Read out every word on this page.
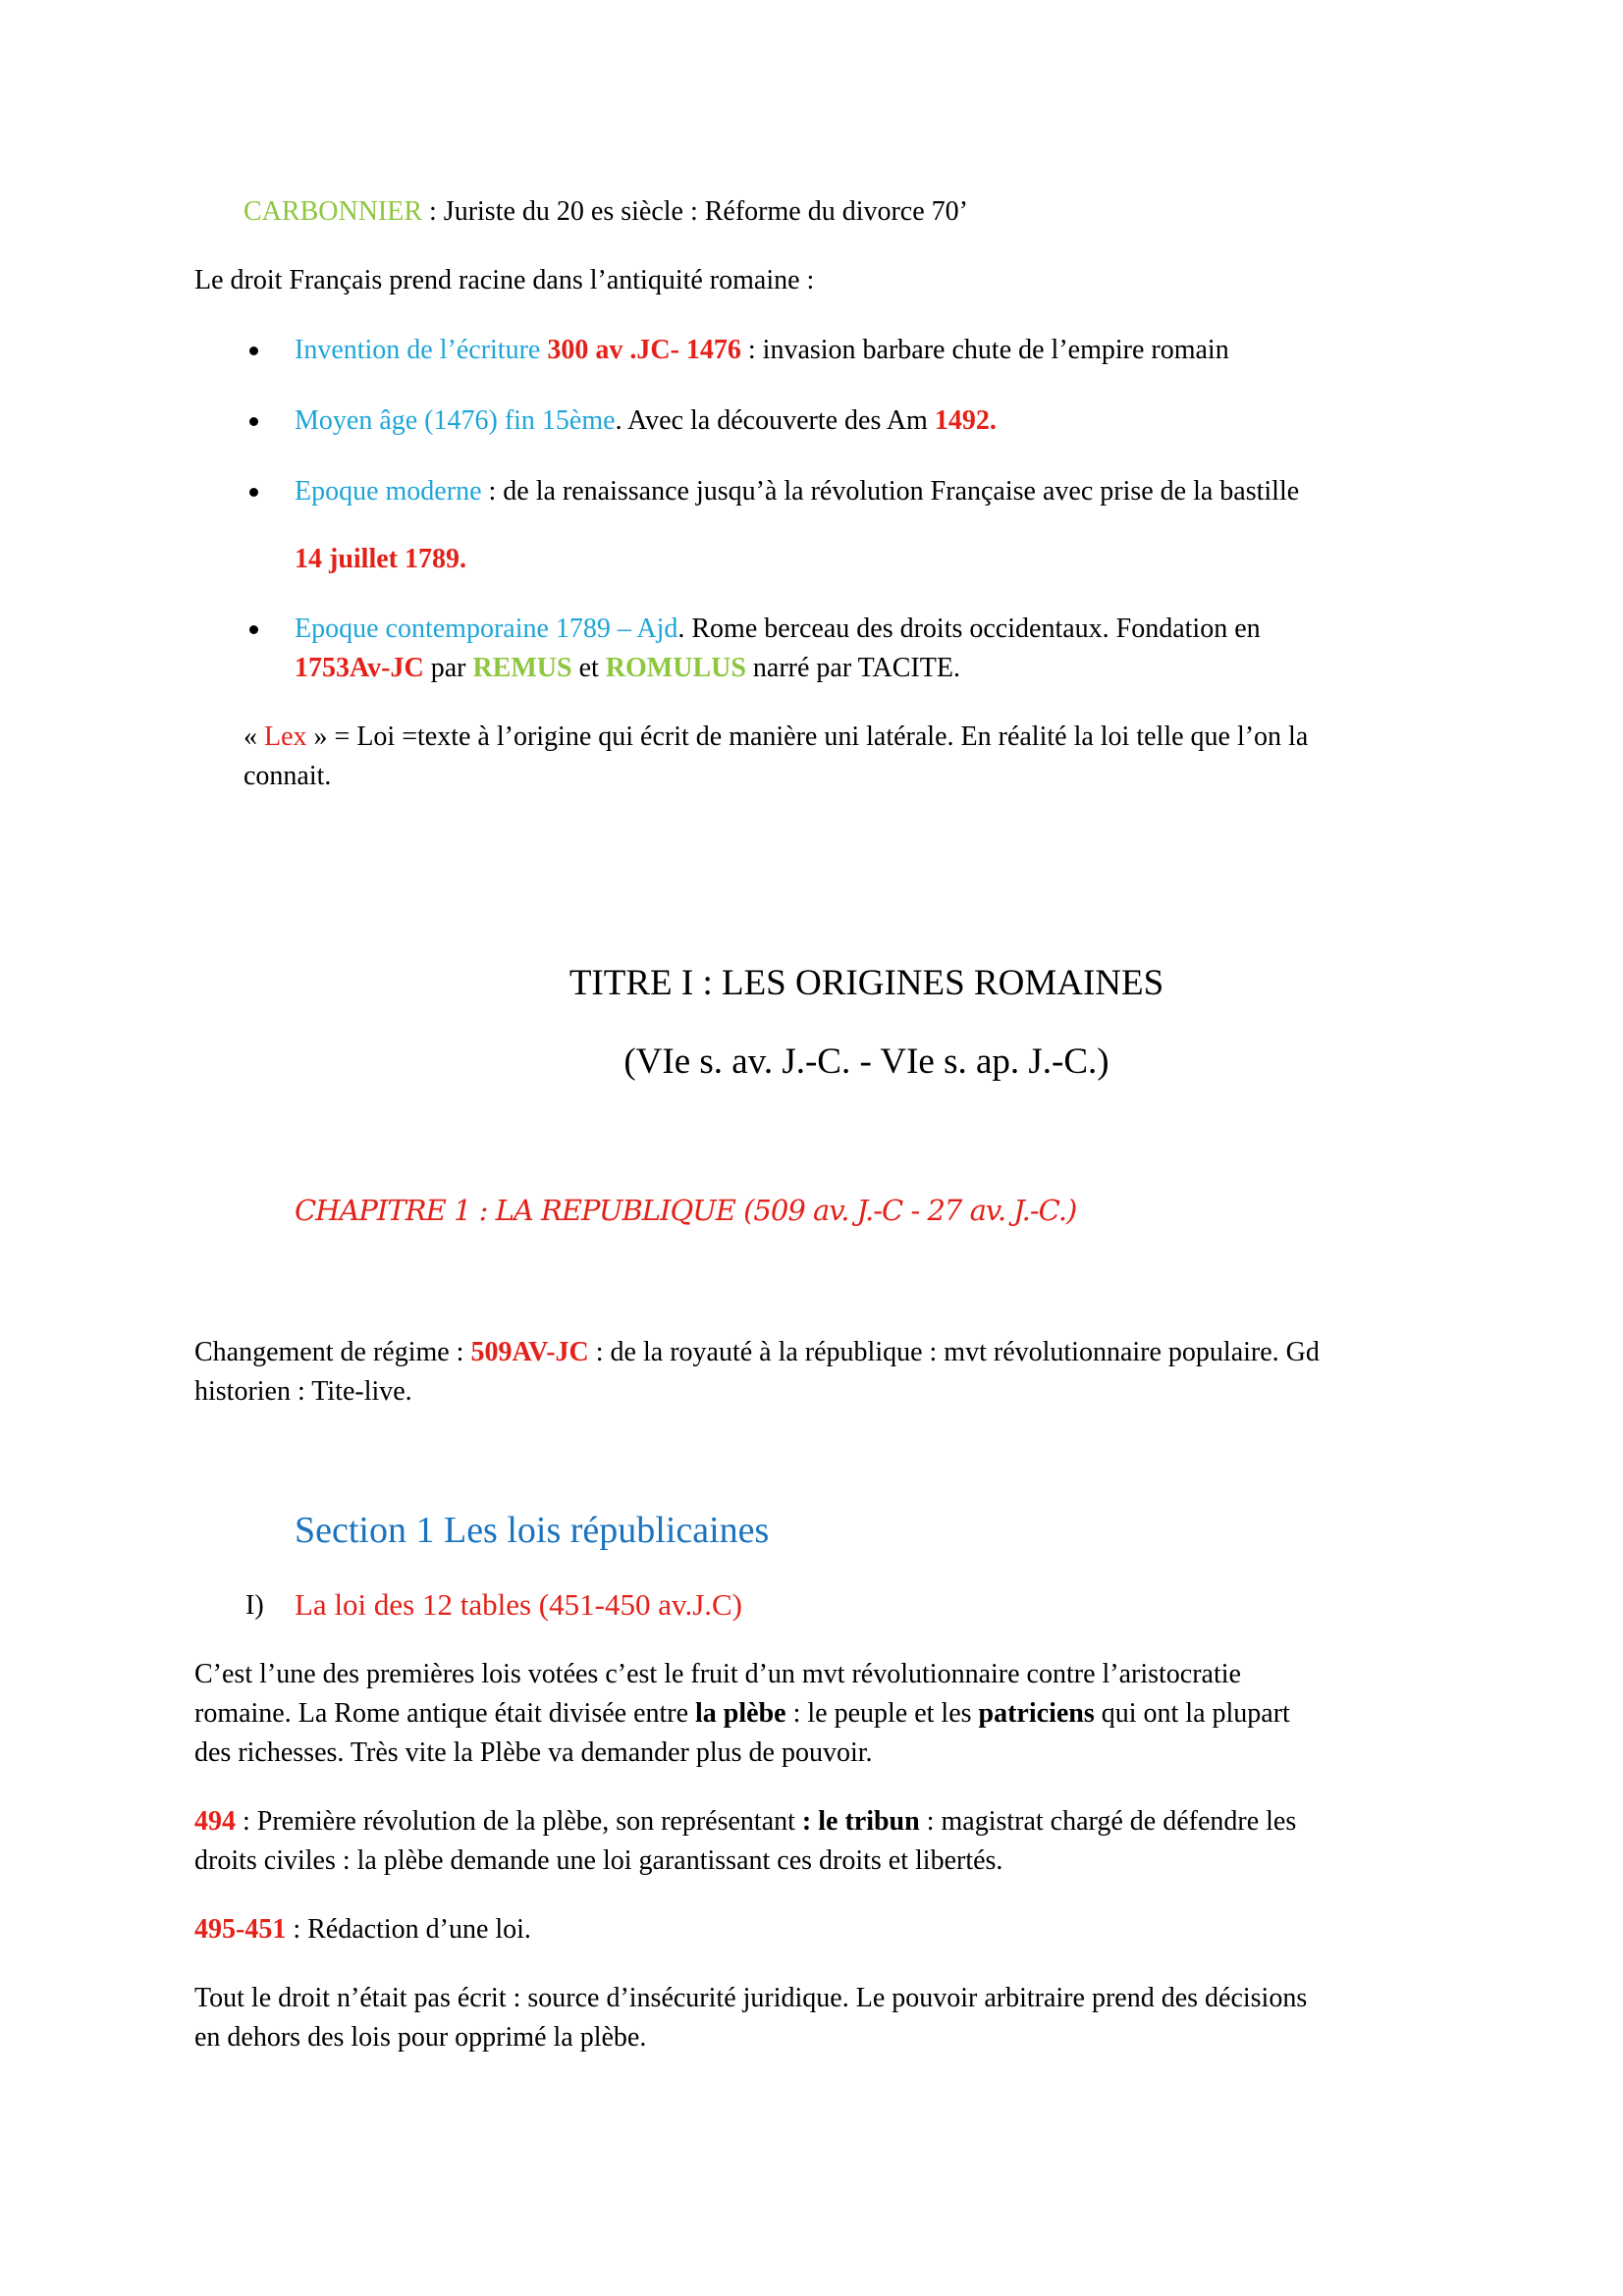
CARBONNIER : Juriste du 20 es siècle : Réforme du divorce 70’
Le droit Français prend racine dans l’antiquité romaine :
Invention de l’écriture 300 av .JC- 1476 : invasion barbare chute de l’empire romain
Moyen âge (1476) fin 15ème. Avec la découverte des Am 1492.
Epoque moderne : de la renaissance jusqu’à la révolution Française avec prise de la bastille
14 juillet 1789.
Epoque contemporaine 1789 – Ajd. Rome berceau des droits occidentaux. Fondation en
1753Av-JC par REMUS et ROMULUS narré par TACITE.
« Lex » = Loi =texte à l’origine qui écrit de manière uni latérale. En réalité la loi telle que l’on la
connait.
TITRE I : LES ORIGINES ROMAINES
(VIe s. av. J.-C. - VIe s. ap. J.-C.)
CHAPITRE 1 : LA REPUBLIQUE (509 av. J.-C - 27 av. J.-C.)
Changement de régime : 509AV-JC : de la royauté à la république : mvt révolutionnaire populaire. Gd
historien : Tite-live.
Section 1 Les lois républicaines
I) La loi des 12 tables (451-450 av.J.C)
C’est l’une des premières lois votées c’est le fruit d’un mvt révolutionnaire contre l’aristocratie
romaine. La Rome antique était divisée entre la plèbe : le peuple et les patriciens qui ont la plupart
des richesses. Très vite la Plèbe va demander plus de pouvoir.
494 : Première révolution de la plèbe, son représentant : le tribun : magistrat chargé de défendre les
droits civiles : la plèbe demande une loi garantissant ces droits et libertés.
495-451 : Rédaction d’une loi.
Tout le droit n’était pas écrit : source d’insécurité juridique. Le pouvoir arbitraire prend des décisions
en dehors des lois pour opprimé la plèbe.
